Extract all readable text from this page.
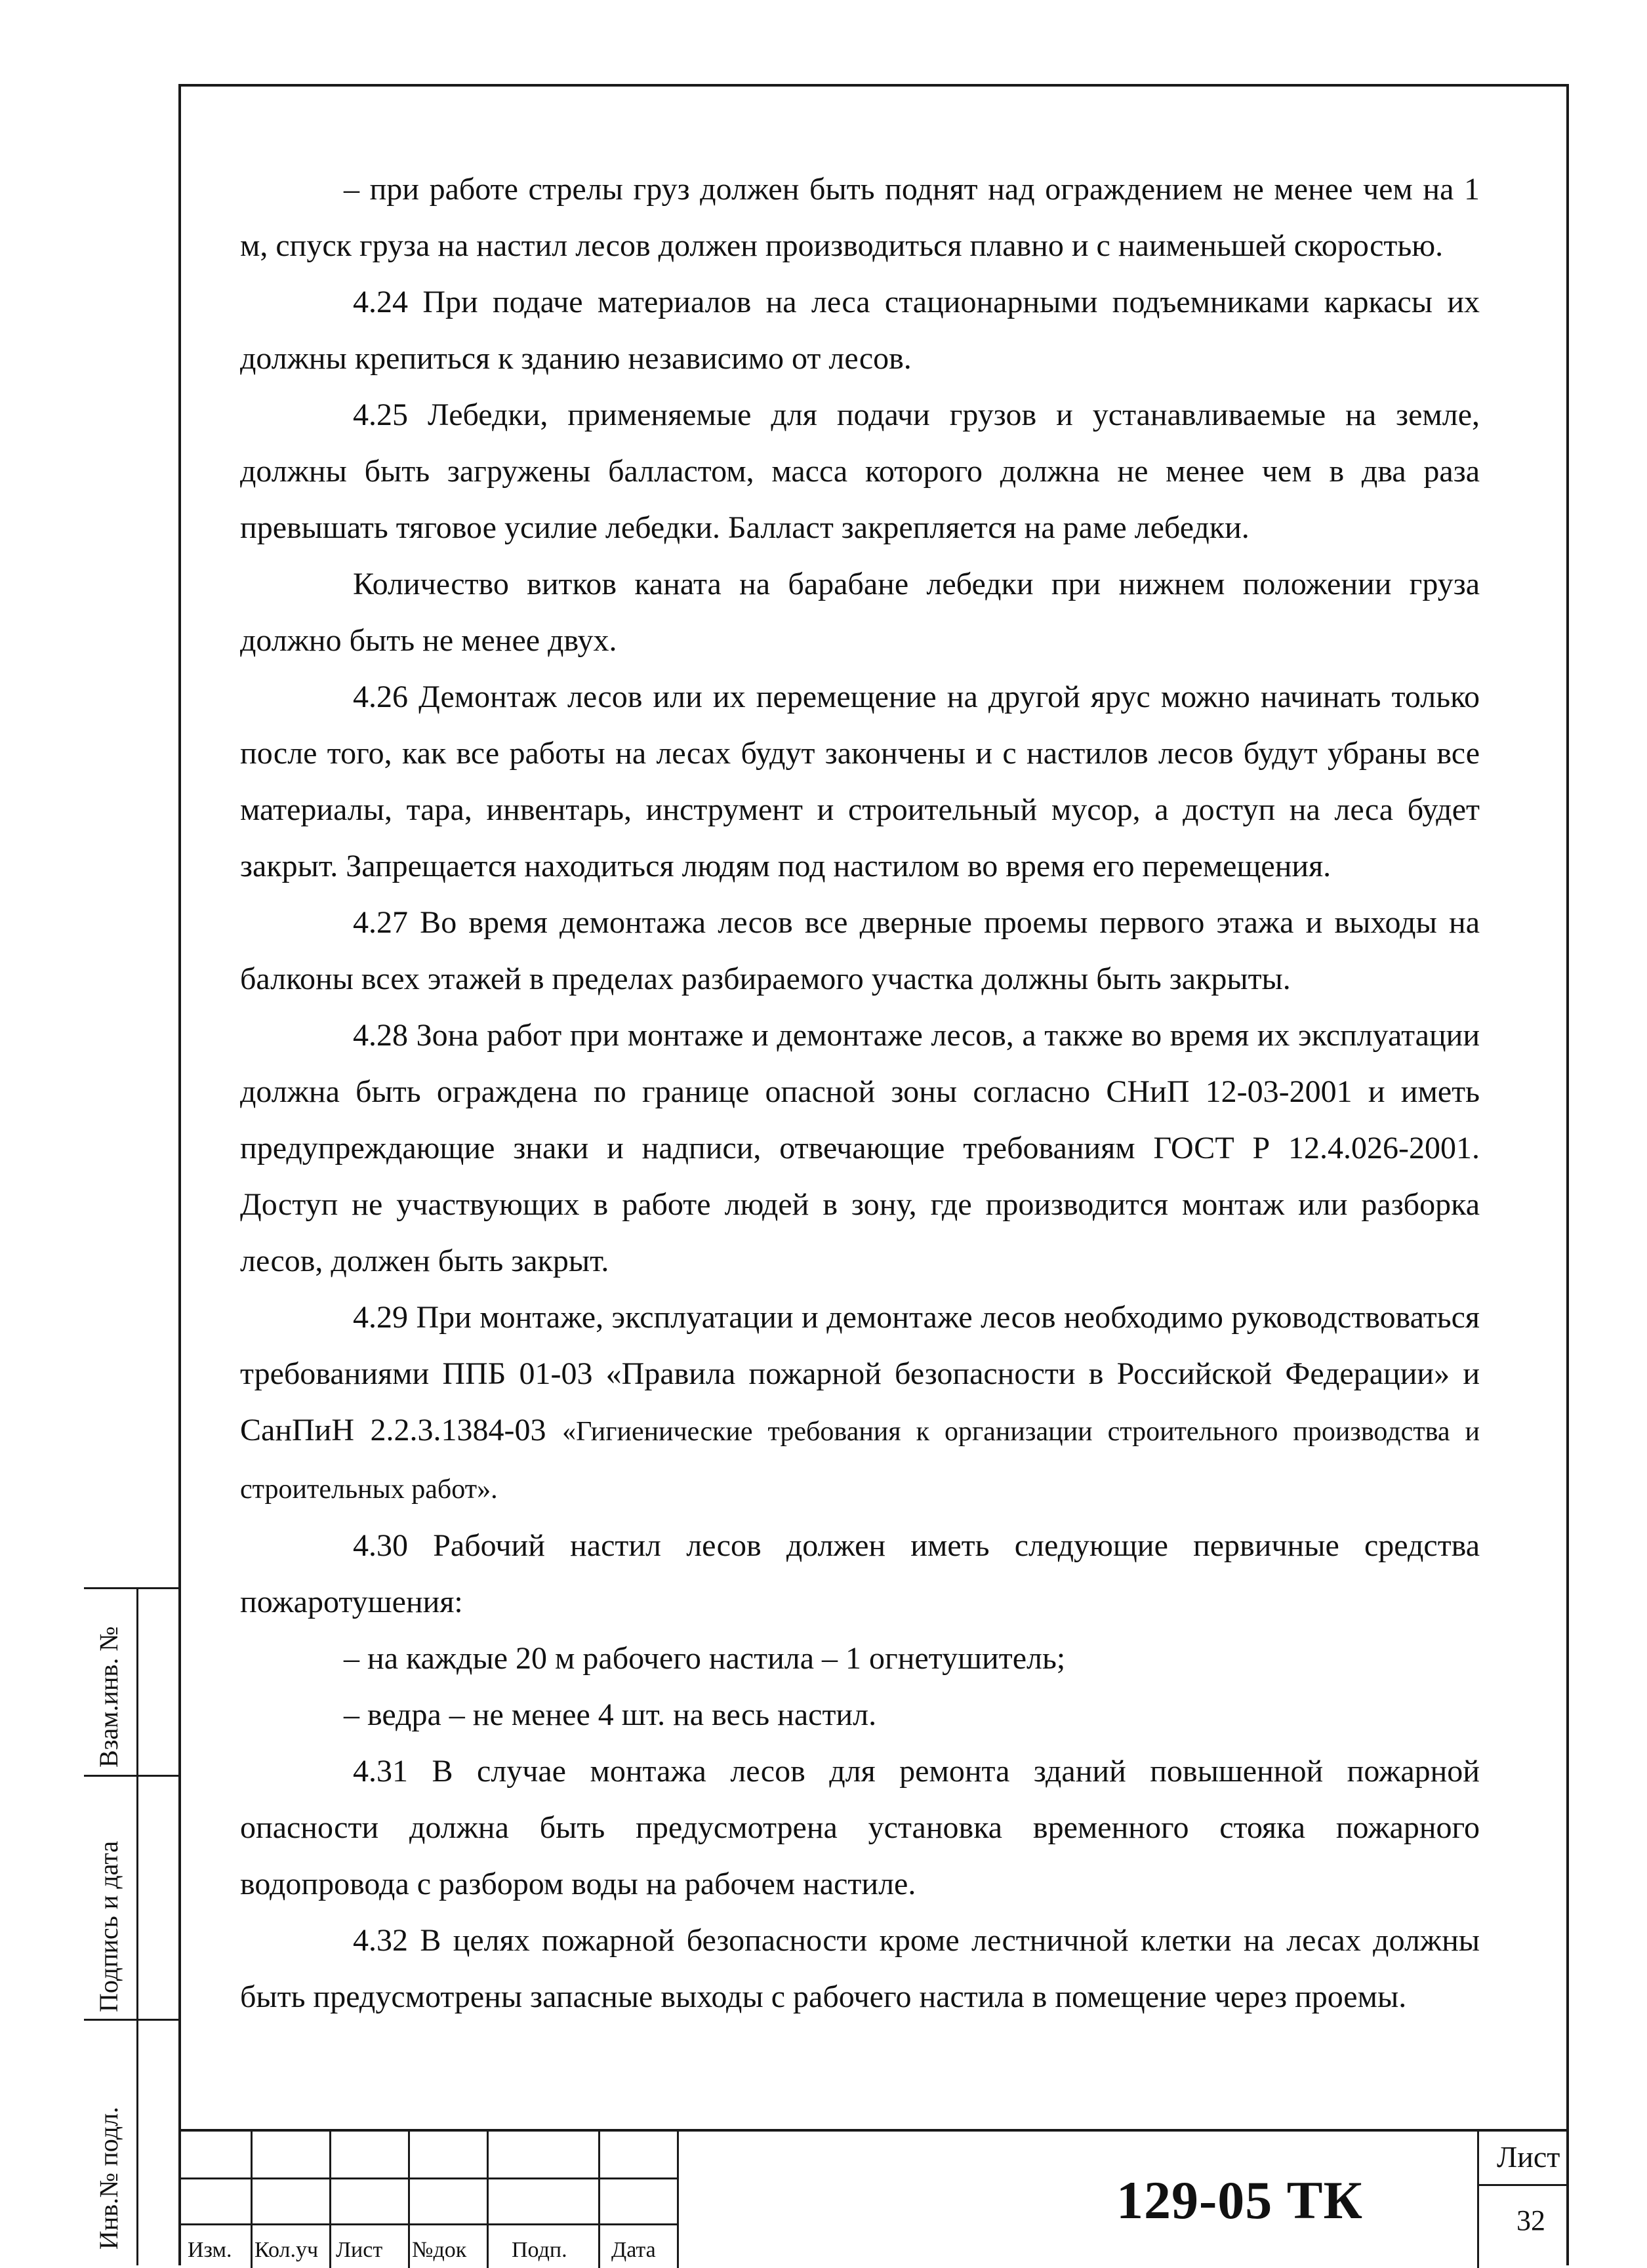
– при работе стрелы груз должен быть поднят над ограждением не менее чем на 1 м, спуск груза на настил лесов должен производиться плавно и с наименьшей скоростью.

4.24 При подаче материалов на леса стационарными подъемниками каркасы их должны крепиться к зданию независимо от лесов.

4.25 Лебедки, применяемые для подачи грузов и устанавливаемые на земле, должны быть загружены балластом, масса которого должна не менее чем в два раза превышать тяговое усилие лебедки. Балласт закрепляется на раме лебедки.

Количество витков каната на барабане лебедки при нижнем положении груза должно быть не менее двух.

4.26 Демонтаж лесов или их перемещение на другой ярус можно начинать только после того, как все работы на лесах будут закончены и с настилов лесов будут убраны все материалы, тара, инвентарь, инструмент и строительный мусор, а доступ на леса будет закрыт. Запрещается находиться людям под настилом во время его перемещения.

4.27 Во время демонтажа лесов все дверные проемы первого этажа и выходы на балконы всех этажей в пределах разбираемого участка должны быть закрыты.

4.28 Зона работ при монтаже и демонтаже лесов, а также во время их эксплуатации должна быть ограждена по границе опасной зоны согласно СНиП 12-03-2001 и иметь предупреждающие знаки и надписи, отвечающие требованиям ГОСТ Р 12.4.026-2001. Доступ не участвующих в работе людей в зону, где производится монтаж или разборка лесов, должен быть закрыт.

4.29 При монтаже, эксплуатации и демонтаже лесов необходимо руководствоваться требованиями ППБ 01-03 «Правила пожарной безопасности в Российской Федерации» и СанПиН 2.2.3.1384-03 «Гигиенические требования к организации строительного производства и строительных работ».

4.30 Рабочий настил лесов должен иметь следующие первичные средства пожаротушения:

– на каждые 20 м рабочего настила – 1 огнетушитель;

– ведра – не менее 4 шт. на весь настил.

4.31 В случае монтажа лесов для ремонта зданий повышенной пожарной опасности должна быть предусмотрена установка временного стояка пожарного водопровода с разбором воды на рабочем настиле.

4.32 В целях пожарной безопасности кроме лестничной клетки на лесах должны быть предусмотрены запасные выходы с рабочего настила в помещение через проемы.

Взам.инв. №
Подпись и дата
Инв.№ подл.
Изм. Кол.уч Лист №док Подп. Дата
129-05 ТК
Лист
32
